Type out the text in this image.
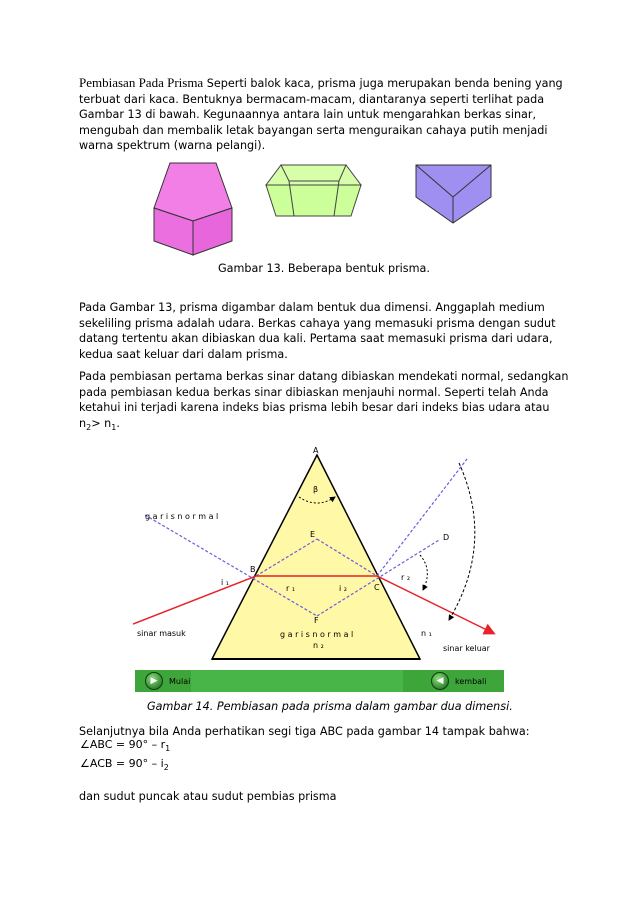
Pembiasan Pada Prisma Seperti balok kaca, prisma juga merupakan benda bening yang terbuat dari kaca. Bentuknya bermacam-macam, diantaranya seperti terlihat pada Gambar 13 di bawah. Kegunaannya antara lain untuk mengarahkan berkas sinar, mengubah dan membalik letak bayangan serta menguraikan cahaya putih menjadi warna spektrum (warna pelangi).

Gambar 13. Beberapa bentuk prisma.

Pada Gambar 13, prisma digambar dalam bentuk dua dimensi. Anggaplah medium sekeliling prisma adalah udara. Berkas cahaya yang memasuki prisma dengan sudut datang tertentu akan dibiaskan dua kali. Pertama saat memasuki prisma dari udara, kedua saat keluar dari dalam prisma.

Pada pembiasan pertama berkas sinar datang dibiaskan mendekati normal, sedangkan pada pembiasan kedua berkas sinar dibiaskan menjauhi normal. Seperti telah Anda ketahui ini terjadi karena indeks bias prisma lebih besar dari indeks bias udara atau $n_2> n_1$.

A
β
E
B
C
D
F
i ₁
r ₁	i ₂
r ₂
n ₁
n ₂
g a r i s n o r m a l
g a r i s n o r m a l
sinar masuk
sinar keluar
▶	Mulai	◀	kembali

Gambar 14. Pembiasan pada prisma dalam gambar dua dimensi.

Selanjutnya bila Anda perhatikan segi tiga ABC pada gambar 14 tampak bahwa:

∠ABC = $90^\circ - r_1$
∠ACB = $90^\circ - i_2$

dan sudut puncak atau sudut pembias prisma
